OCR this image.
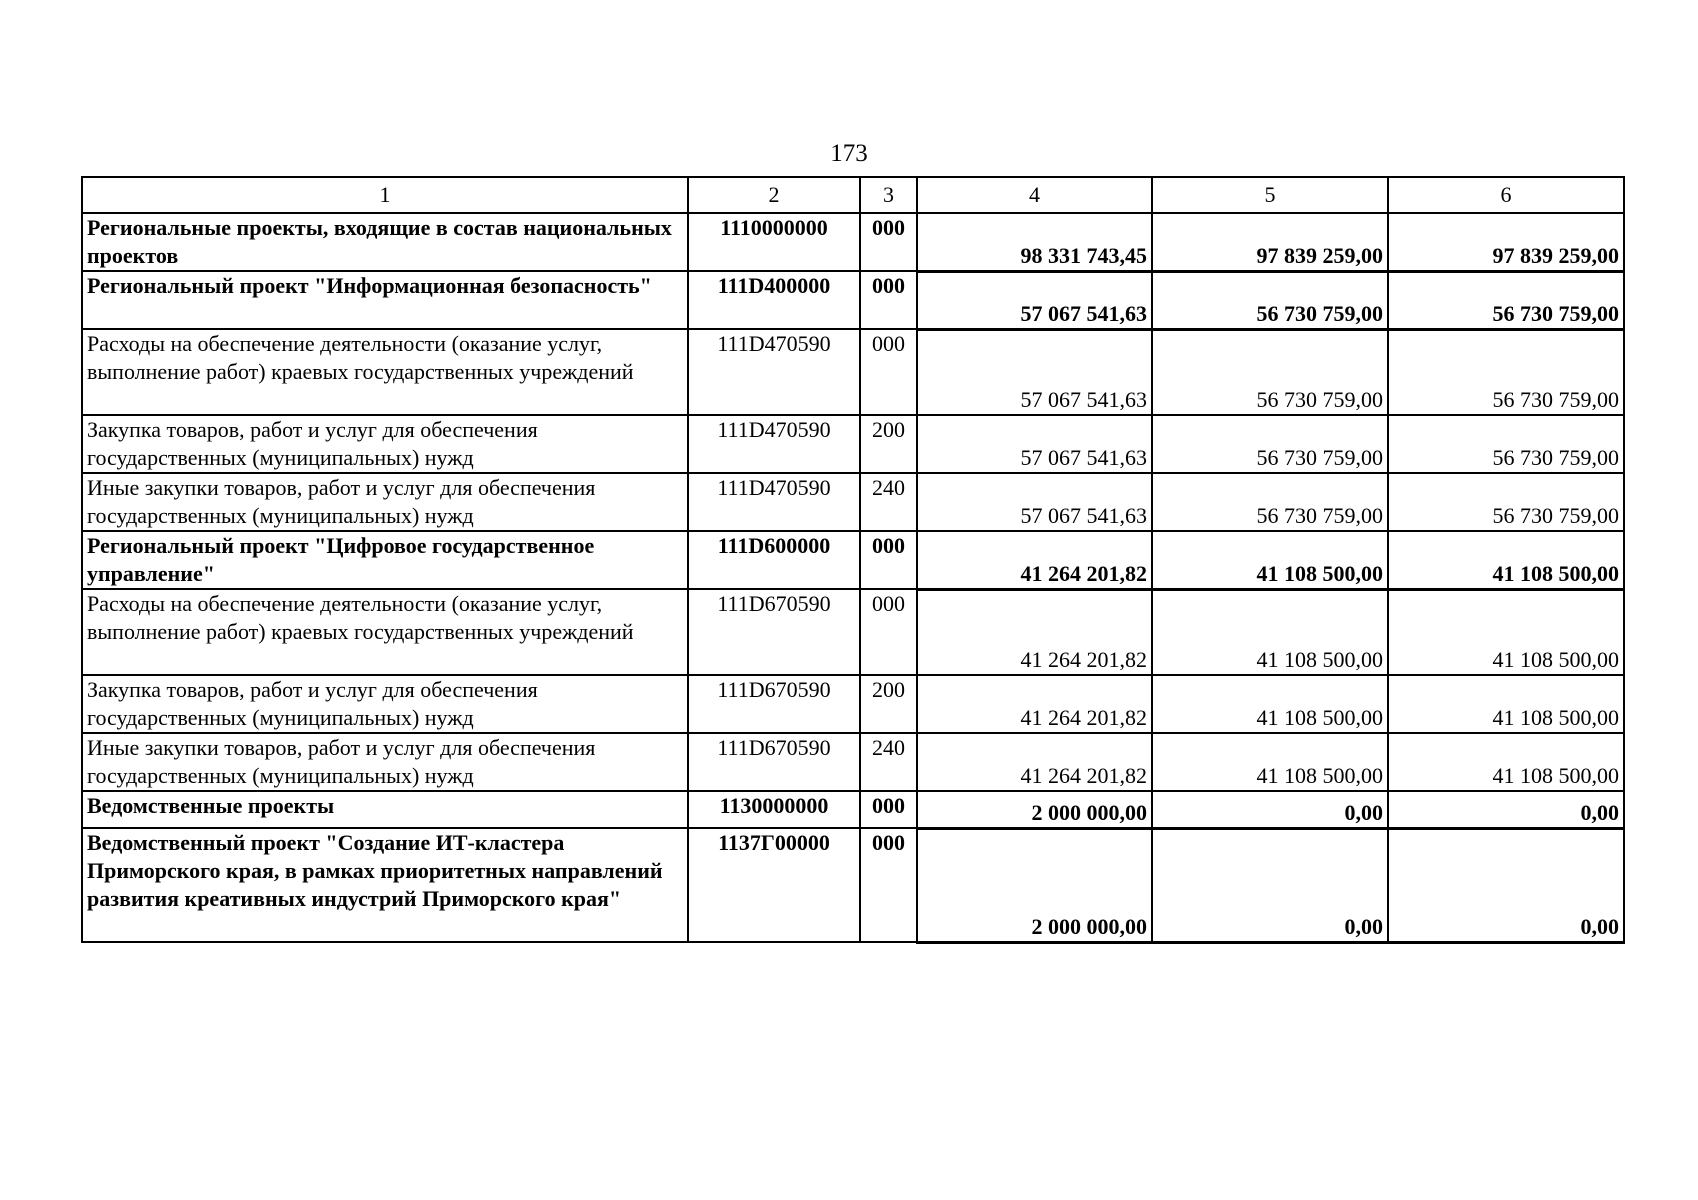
173
1	2	3	4	5	6
Региональные проекты, входящие в состав национальных проектов	1110000000	000	98 331 743,45	97 839 259,00	97 839 259,00
Региональный проект "Информационная безопасность"	111D400000	000	57 067 541,63	56 730 759,00	56 730 759,00
Расходы на обеспечение деятельности (оказание услуг, выполнение работ) краевых государственных учреждений	111D470590	000	57 067 541,63	56 730 759,00	56 730 759,00
Закупка товаров, работ и услуг для обеспечения государственных (муниципальных) нужд	111D470590	200	57 067 541,63	56 730 759,00	56 730 759,00
Иные закупки товаров, работ и услуг для обеспечения государственных (муниципальных) нужд	111D470590	240	57 067 541,63	56 730 759,00	56 730 759,00
Региональный проект "Цифровое государственное управление"	111D600000	000	41 264 201,82	41 108 500,00	41 108 500,00
Расходы на обеспечение деятельности (оказание услуг, выполнение работ) краевых государственных учреждений	111D670590	000	41 264 201,82	41 108 500,00	41 108 500,00
Закупка товаров, работ и услуг для обеспечения государственных (муниципальных) нужд	111D670590	200	41 264 201,82	41 108 500,00	41 108 500,00
Иные закупки товаров, работ и услуг для обеспечения государственных (муниципальных) нужд	111D670590	240	41 264 201,82	41 108 500,00	41 108 500,00
Ведомственные проекты	1130000000	000	2 000 000,00	0,00	0,00
Ведомственный проект "Создание ИТ-кластера Приморского края, в рамках приоритетных направлений развития креативных индустрий Приморского края"	1137Г00000	000	2 000 000,00	0,00	0,00
